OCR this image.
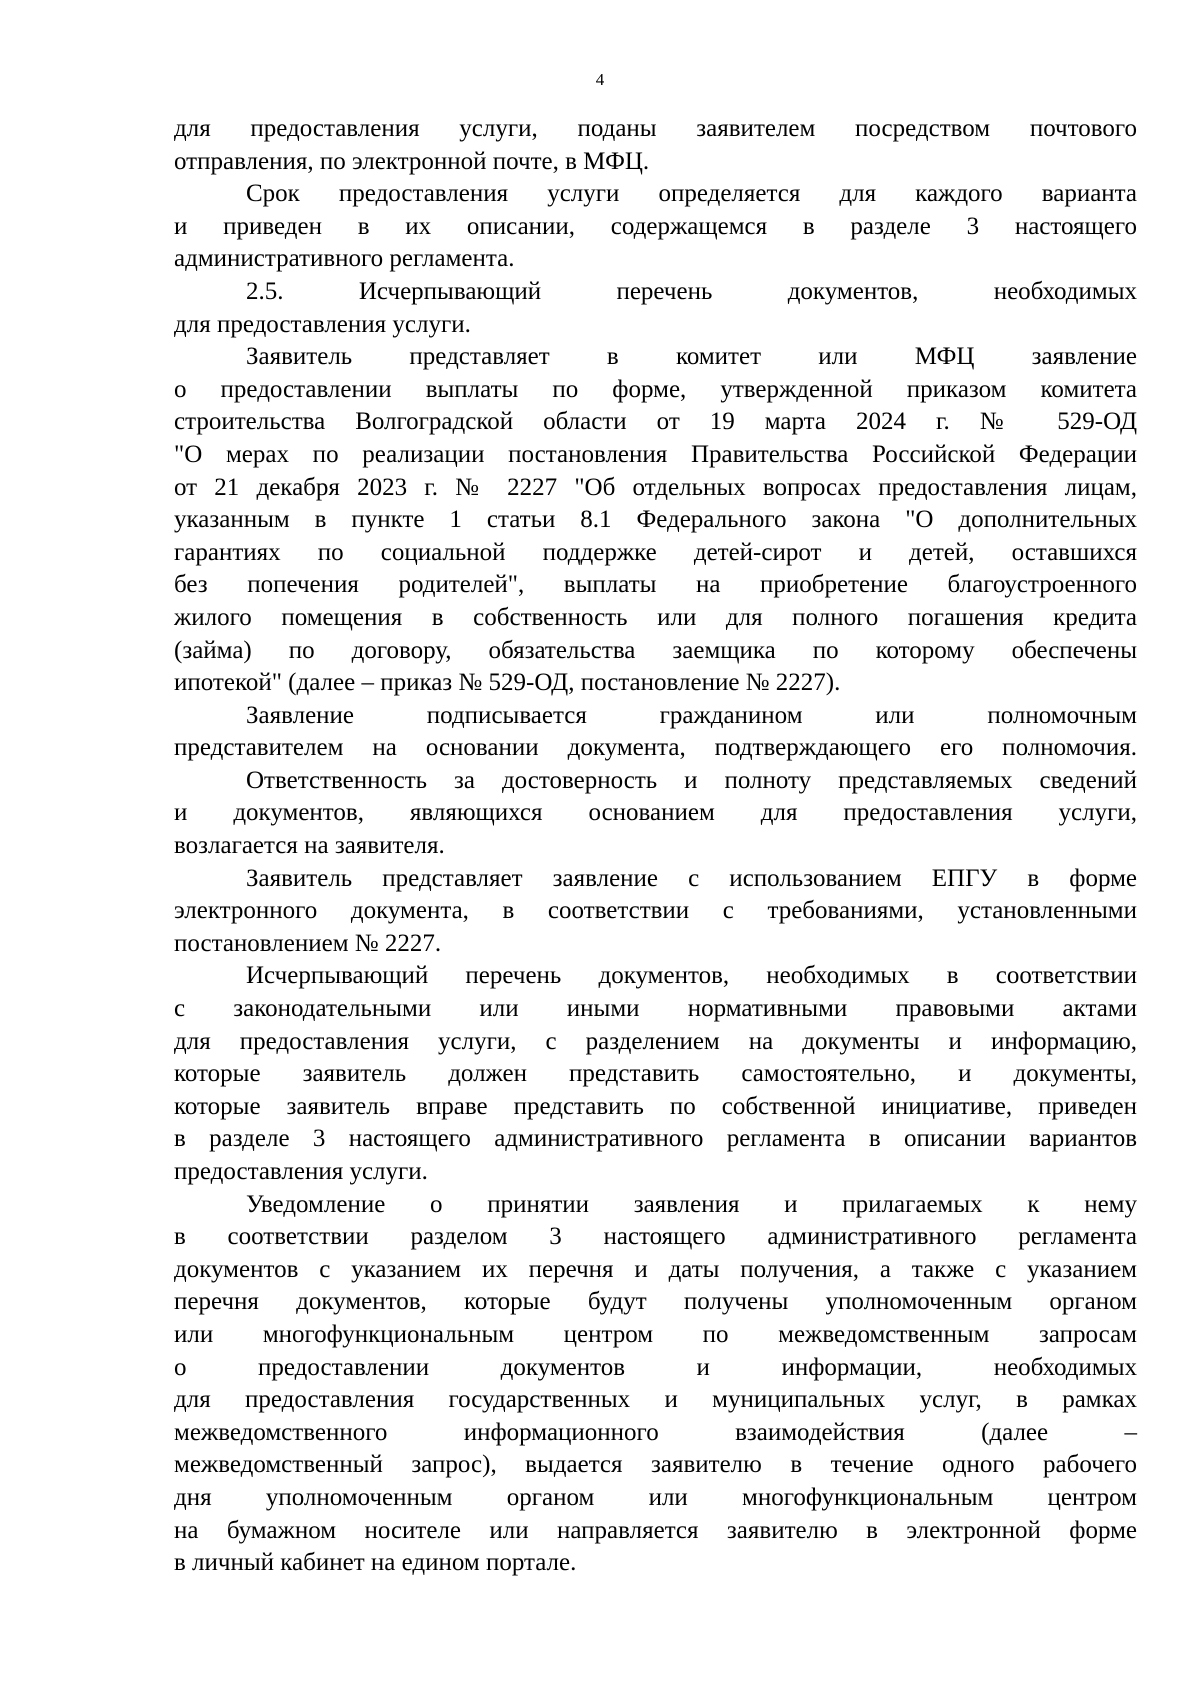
4
для предоставления услуги, поданы заявителем посредством почтового
отправления, по электронной почте, в МФЦ.
Срок предоставления услуги определяется для каждого варианта
и приведен в их описании, содержащемся в разделе 3 настоящего
административного регламента.
2.5. Исчерпывающий перечень документов, необходимых
для предоставления услуги.
Заявитель представляет в комитет или МФЦ заявление
о предоставлении выплаты по форме, утвержденной приказом комитета
строительства Волгоградской области от 19 марта 2024 г. № 529-ОД
"О мерах по реализации постановления Правительства Российской Федерации
от 21 декабря 2023 г. № 2227 "Об отдельных вопросах предоставления лицам,
указанным в пункте 1 статьи 8.1 Федерального закона "О дополнительных
гарантиях по социальной поддержке детей-сирот и детей, оставшихся
без попечения родителей", выплаты на приобретение благоустроенного
жилого помещения в собственность или для полного погашения кредита
(займа) по договору, обязательства заемщика по которому обеспечены
ипотекой" (далее – приказ № 529-ОД, постановление № 2227).
Заявление подписывается гражданином или полномочным
представителем на основании документа, подтверждающего его полномочия.
Ответственность за достоверность и полноту представляемых сведений
и документов, являющихся основанием для предоставления услуги,
возлагается на заявителя.
Заявитель представляет заявление с использованием ЕПГУ в форме
электронного документа, в соответствии с требованиями, установленными
постановлением № 2227.
Исчерпывающий перечень документов, необходимых в соответствии
с законодательными или иными нормативными правовыми актами
для предоставления услуги, с разделением на документы и информацию,
которые заявитель должен представить самостоятельно, и документы,
которые заявитель вправе представить по собственной инициативе, приведен
в разделе 3 настоящего административного регламента в описании вариантов
предоставления услуги.
Уведомление о принятии заявления и прилагаемых к нему
в соответствии разделом 3 настоящего административного регламента
документов с указанием их перечня и даты получения, а также с указанием
перечня документов, которые будут получены уполномоченным органом
или многофункциональным центром по межведомственным запросам
о предоставлении документов и информации, необходимых
для предоставления государственных и муниципальных услуг, в рамках
межведомственного информационного взаимодействия (далее –
межведомственный запрос), выдается заявителю в течение одного рабочего
дня уполномоченным органом или многофункциональным центром
на бумажном носителе или направляется заявителю в электронной форме
в личный кабинет на едином портале.
